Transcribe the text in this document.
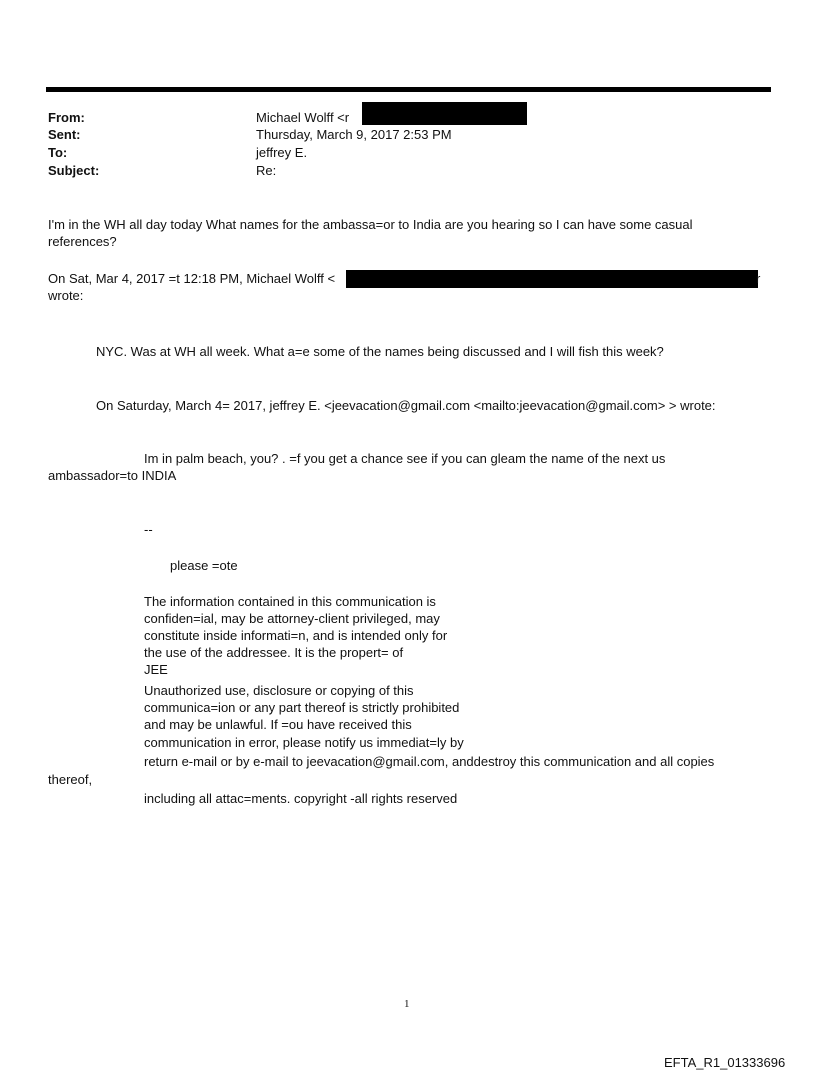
From:	Michael Wolff <r
Sent:	Thursday, March 9, 2017 2:53 PM
To:	jeffrey E.
Subject:	Re:
I'm in the WH all day today What names for the ambassa=or to India are you hearing so I can have some casual
references?
On Sat, Mar 4, 2017 =t 12:18 PM, Michael Wolff <	r
wrote:
NYC. Was at WH all week. What a=e some of the names being discussed and I will fish this week?
On Saturday, March 4= 2017, jeffrey E. <jeevacation@gmail.com <mailto:jeevacation@gmail.com> > wrote:
Im in palm beach, you? . =f you get a chance see if you can gleam the name of the next us
ambassador=to INDIA
--
please =ote
The information contained in this communication is
confiden=ial, may be attorney-client privileged, may
constitute inside informati=n, and is intended only for
the use of the addressee. It is the propert= of
JEE
Unauthorized use, disclosure or copying of this
communica=ion or any part thereof is strictly prohibited
and may be unlawful. If =ou have received this
communication in error, please notify us immediat=ly by
return e-mail or by e-mail to jeevacation@gmail.com, anddestroy this communication and all copies
thereof,
including all attac=ments. copyright -all rights reserved
1
EFTA_R1_01333696
